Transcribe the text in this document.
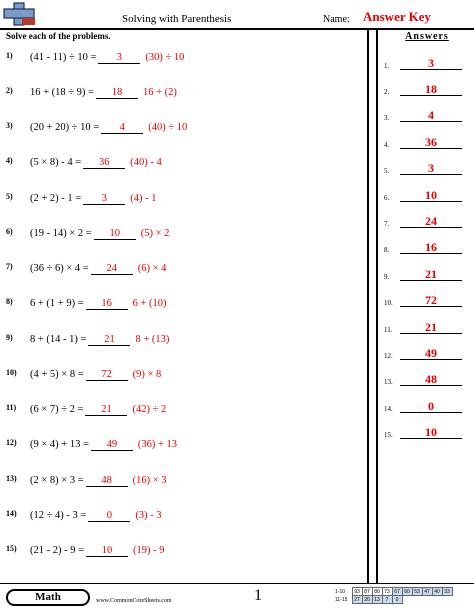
Solving with Parenthesis	Name: Answer Key
Solve each of the problems.
1) (41 - 11) ÷ 10 = 3 (30) ÷ 10
2) 16 + (18 ÷ 9) = 18 16 + (2)
3) (20 + 20) ÷ 10 = 4 (40) ÷ 10
4) (5 × 8) - 4 = 36 (40) - 4
5) (2 + 2) - 1 = 3 (4) - 1
6) (19 - 14) × 2 = 10 (5) × 2
7) (36 ÷ 6) × 4 = 24 (6) × 4
8) 6 + (1 + 9) = 16 6 + (10)
9) 8 + (14 - 1) = 21 8 + (13)
10) (4 + 5) × 8 = 72 (9) × 8
11) (6 × 7) ÷ 2 = 21 (42) ÷ 2
12) (9 × 4) + 13 = 49 (36) + 13
13) (2 × 8) × 3 = 48 (16) × 3
14) (12 ÷ 4) - 3 = 0 (3) - 3
15) (21 - 2) - 9 = 10 (19) - 9
Answers
1.	3
2.	18
3.	4
4.	36
5.	3
6.	10
7.	24
8.	16
9.	21
10.	72
11.	21
12.	49
13.	48
14.	0
15.	10
Math	www.CommonCoreSheets.com	1	1-10	93	87	80	73	67	60	53	47	40	33
11-15	27	20	13	7	0					
